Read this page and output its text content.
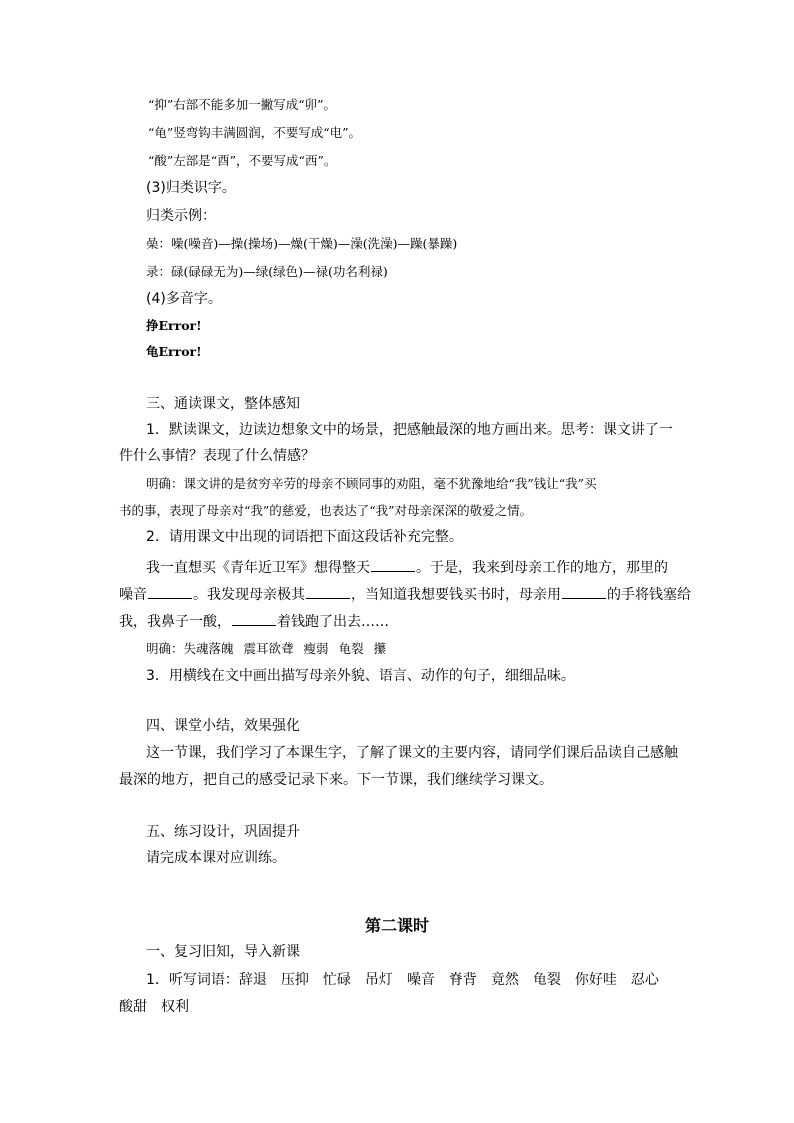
“抑”右部不能多加一撇写成“卯”。
“龟”竖弯钩丰满圆润，不要写成“电”。
“酸”左部是“酉”，不要写成“西”。
(3)归类识字。
归类示例：
喿：噪(噪音)—操(操场)—燥(干燥)—澡(洗澡)—躁(暴躁)
录：碌(碌碌无为)—绿(绿色)—禄(功名利禄)
(4)多音字。
挣Error!
龟Error!
三、通读课文，整体感知
1．默读课文，边读边想象文中的场景，把感触最深的地方画出来。思考：课文讲了一
件什么事情？表现了什么情感？
明确：课文讲的是贫穷辛劳的母亲不顾同事的劝阻，毫不犹豫地给“我”钱让“我”买
书的事，表现了母亲对“我”的慈爱，也表达了“我”对母亲深深的敬爱之情。
2．请用课文中出现的词语把下面这段话补充完整。
我一直想买《青年近卫军》想得整天	。于是，我来到母亲工作的地方，那里的
噪音	。我发现母亲极其	，当知道我想要钱买书时，母亲用	的手将钱塞给
我，我鼻子一酸，	着钱跑了出去……
明确：失魂落魄 震耳欲聋 瘦弱 龟裂 攥
3．用横线在文中画出描写母亲外貌、语言、动作的句子，细细品味。
四、课堂小结，效果强化
这一节课，我们学习了本课生字，了解了课文的主要内容，请同学们课后品读自己感触
最深的地方，把自己的感受记录下来。下一节课，我们继续学习课文。
五、练习设计，巩固提升
请完成本课对应训练。
第二课时
一、复习旧知，导入新课
1．听写词语：辞退　压抑　忙碌　吊灯　噪音　脊背　竟然　龟裂　你好哇　忍心
酸甜　权利
